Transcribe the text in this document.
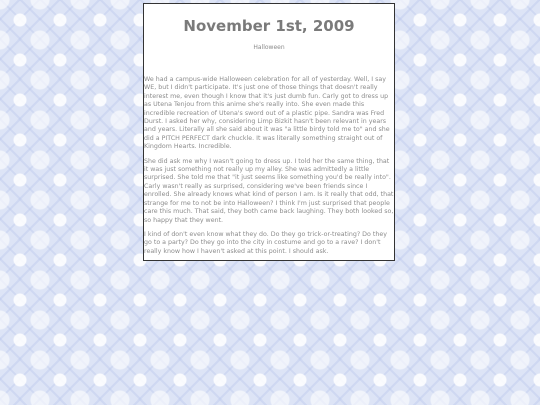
November 1st, 2009
Halloween

We had a campus-wide Halloween celebration for all of yesterday. Well, I say WE, but I didn't participate. It's just one of those things that doesn't really interest me, even though I know that it's just dumb fun. Carly got to dress up as Utena Tenjou from this anime she's really into. She even made this incredible recreation of Utena's sword out of a plastic pipe. Sandra was Fred Durst. I asked her why, considering Limp Bizkit hasn't been relevant in years and years. Literally all she said about it was "a little birdy told me to" and she did a PITCH PERFECT dark chuckle. It was literally something straight out of Kingdom Hearts. Incredible.

She did ask me why I wasn't going to dress up. I told her the same thing, that it was just something not really up my alley. She was admittedly a little surprised. She told me that "it just seems like something you'd be really into". Carly wasn't really as surprised, considering we've been friends since I enrolled. She already knows what kind of person I am. Is it really that odd, that strange for me to not be into Halloween? I think I'm just surprised that people care this much. That said, they both came back laughing. They both looked so, so happy that they went.

I kind of don't even know what they do. Do they go trick-or-treating? Do they go to a party? Do they go into the city in costume and go to a rave? I don't really know how I haven't asked at this point. I should ask.
